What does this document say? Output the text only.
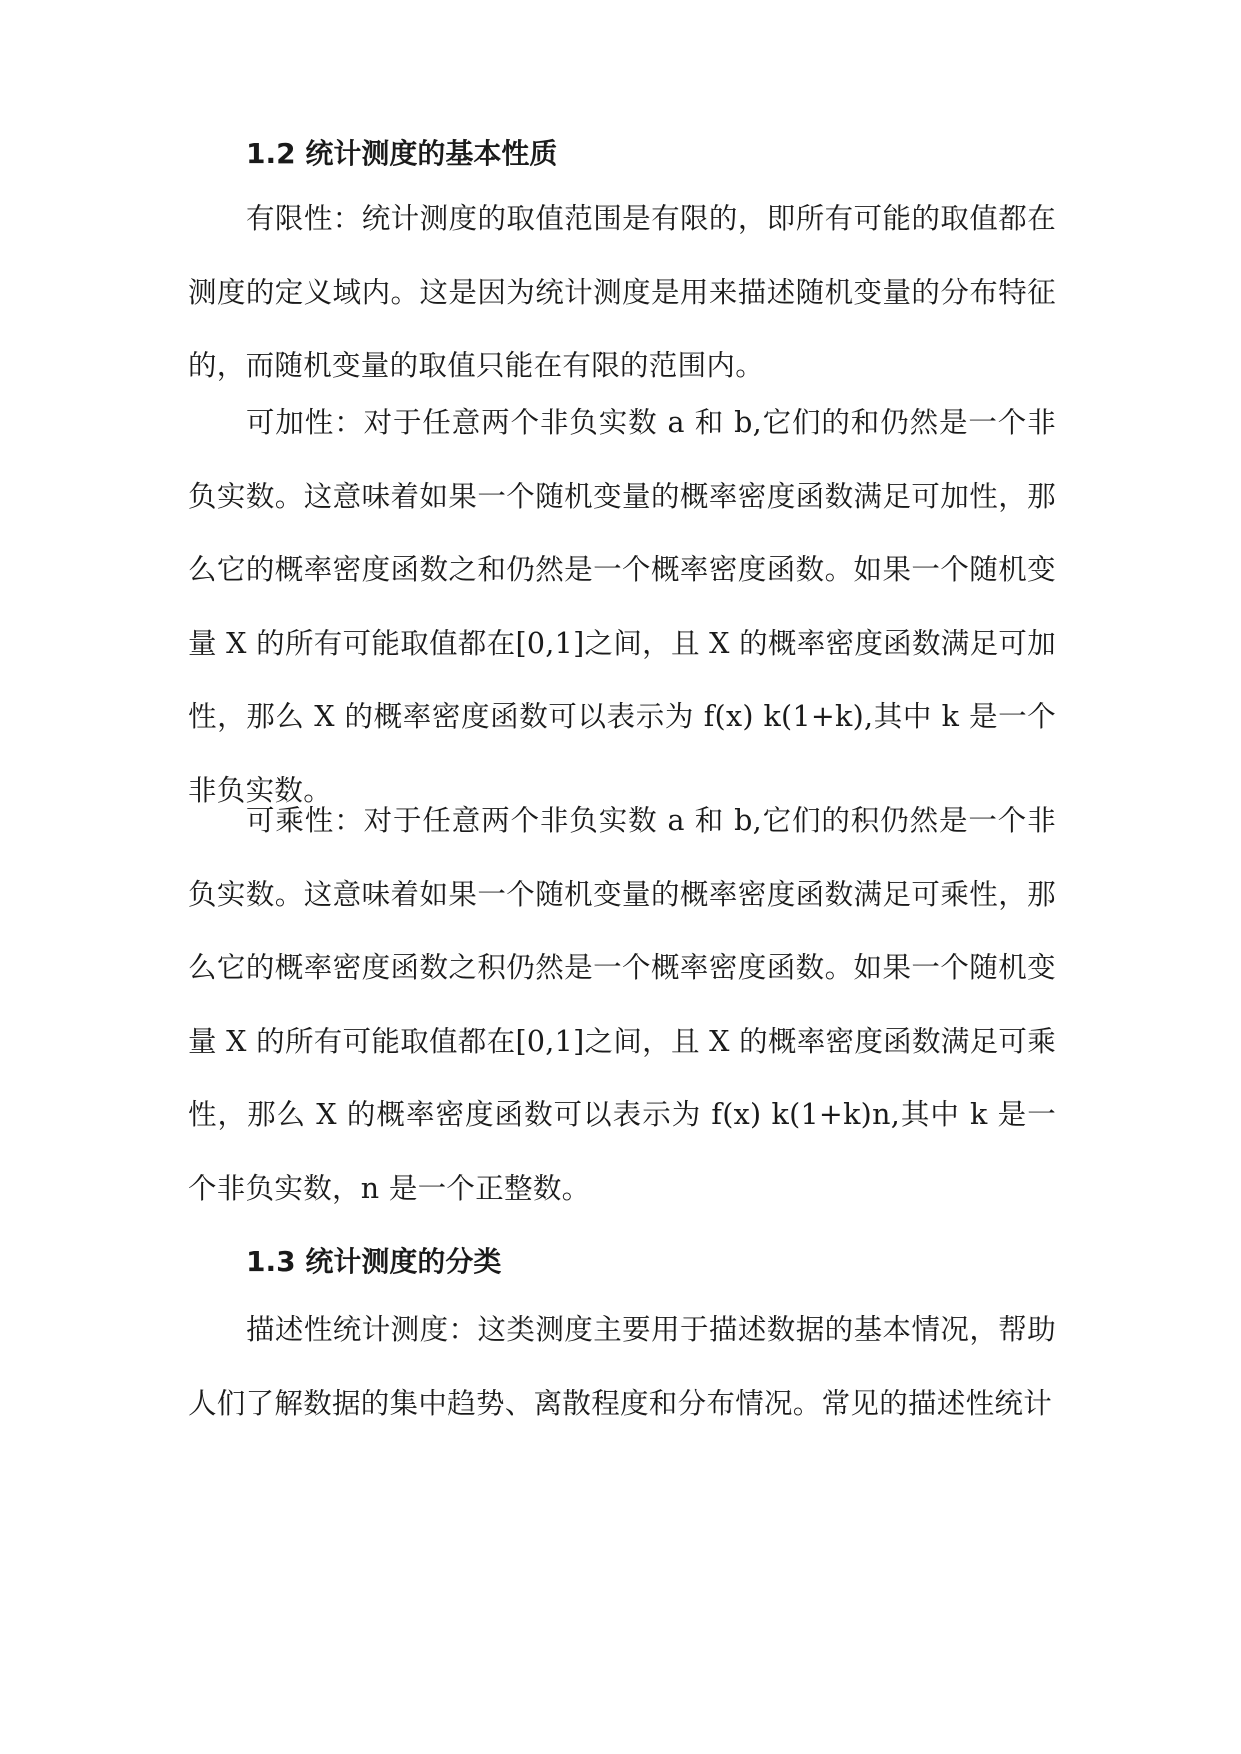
1.2 统计测度的基本性质

有限性：统计测度的取值范围是有限的，即所有可能的取值都在测度的定义域内。这是因为统计测度是用来描述随机变量的分布特征的，而随机变量的取值只能在有限的范围内。

可加性：对于任意两个非负实数 a 和 b,它们的和仍然是一个非负实数。这意味着如果一个随机变量的概率密度函数满足可加性，那么它的概率密度函数之和仍然是一个概率密度函数。如果一个随机变量 X 的所有可能取值都在[0,1]之间，且 X 的概率密度函数满足可加性，那么 X 的概率密度函数可以表示为 f(x) k(1+k),其中 k 是一个非负实数。

可乘性：对于任意两个非负实数 a 和 b,它们的积仍然是一个非负实数。这意味着如果一个随机变量的概率密度函数满足可乘性，那么它的概率密度函数之积仍然是一个概率密度函数。如果一个随机变量 X 的所有可能取值都在[0,1]之间，且 X 的概率密度函数满足可乘性，那么 X 的概率密度函数可以表示为 f(x) k(1+k)n,其中 k 是一个非负实数，n 是一个正整数。

1.3 统计测度的分类

描述性统计测度：这类测度主要用于描述数据的基本情况，帮助人们了解数据的集中趋势、离散程度和分布情况。常见的描述性统计
